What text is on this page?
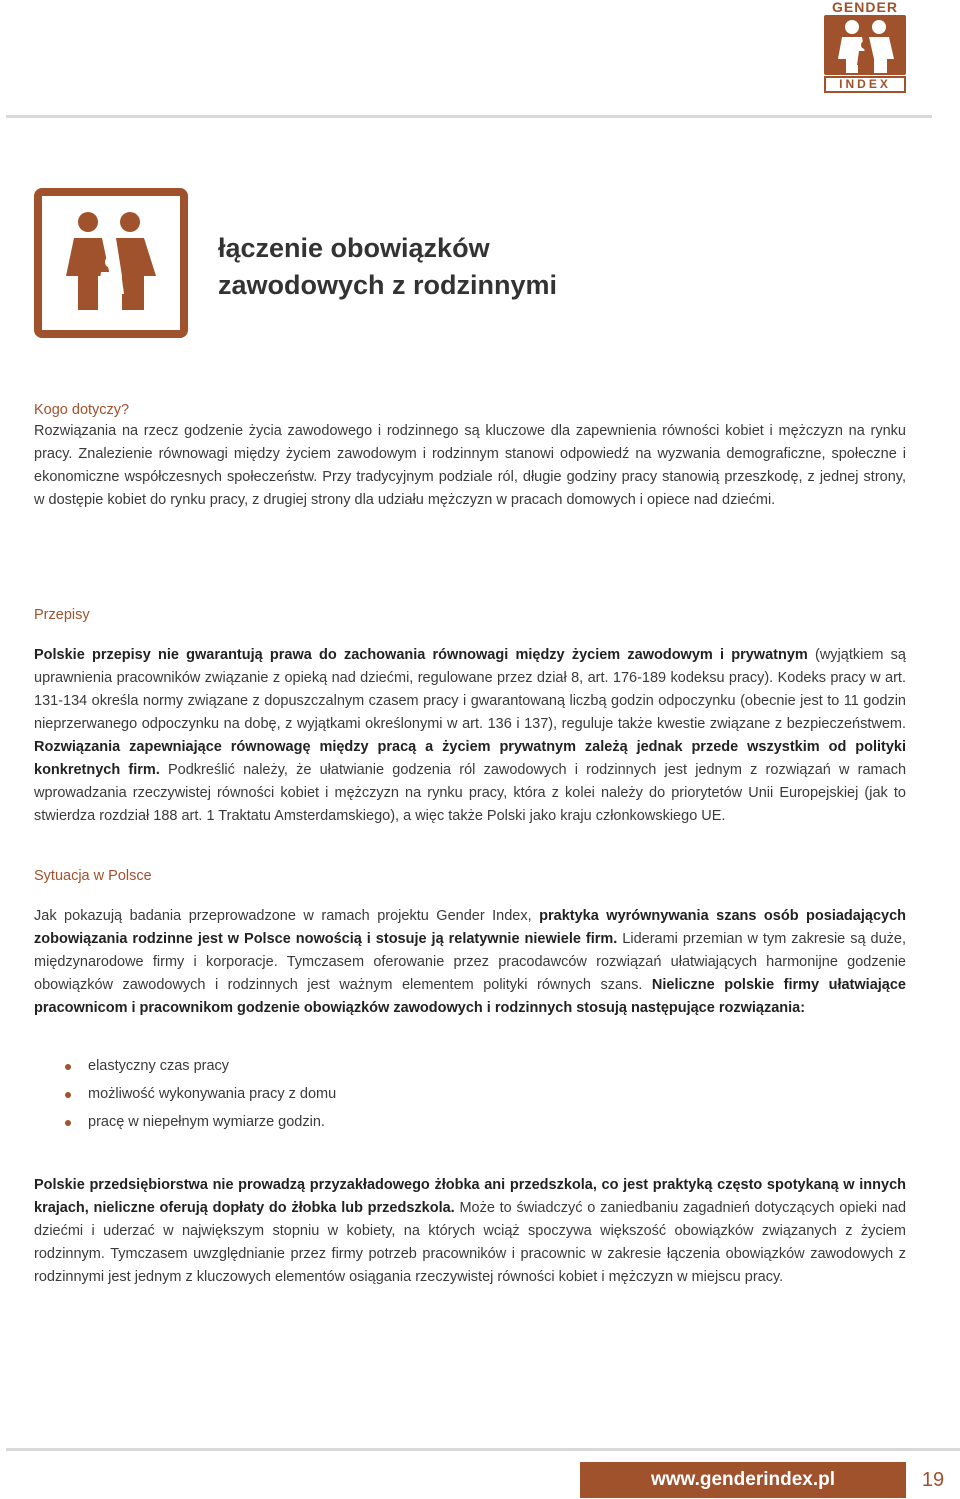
GENDER
INDEX
łączenie obowiązków
zawodowych z rodzinnymi
Kogo dotyczy?

Rozwiązania na rzecz godzenie życia zawodowego i rodzinnego są kluczowe dla zapewnienia równości kobiet i mężczyzn na rynku pracy. Znalezienie równowagi między życiem zawodowym i rodzinnym stanowi odpowiedź na wyzwania demograficzne, społeczne i ekonomiczne współczesnych społeczeństw. Przy tradycyjnym podziale ról, długie godziny pracy stanowią przeszkodę, z jednej strony, w dostępie kobiet do rynku pracy, z drugiej strony dla udziału mężczyzn w pracach domowych i opiece nad dziećmi.

Przepisy

Polskie przepisy nie gwarantują prawa do zachowania równowagi między życiem zawodowym i prywatnym (wyjątkiem są uprawnienia pracowników związanie z opieką nad dziećmi, regulowane przez dział 8, art. 176-189 kodeksu pracy). Kodeks pracy w art. 131-134 określa normy związane z dopuszczalnym czasem pracy i gwarantowaną liczbą godzin odpoczynku (obecnie jest to 11 godzin nieprzerwanego odpoczynku na dobę, z wyjątkami określonymi w art. 136 i 137), reguluje także kwestie związane z bezpieczeństwem. Rozwiązania zapewniające równowagę między pracą a życiem prywatnym zależą jednak przede wszystkim od polityki konkretnych firm. Podkreślić należy, że ułatwianie godzenia ról zawodowych i rodzinnych jest jednym z rozwiązań w ramach wprowadzania rzeczywistej równości kobiet i mężczyzn na rynku pracy, która z kolei należy do priorytetów Unii Europejskiej (jak to stwierdza rozdział 188 art. 1 Traktatu Amsterdamskiego), a więc także Polski jako kraju członkowskiego UE.

Sytuacja w Polsce

Jak pokazują badania przeprowadzone w ramach projektu Gender Index, praktyka wyrównywania szans osób posiadających zobowiązania rodzinne jest w Polsce nowością i stosuje ją relatywnie niewiele firm. Liderami przemian w tym zakresie są duże, międzynarodowe firmy i korporacje. Tymczasem oferowanie przez pracodawców rozwiązań ułatwiających harmonijne godzenie obowiązków zawodowych i rodzinnych jest ważnym elementem polityki równych szans. Nieliczne polskie firmy ułatwiające pracownicom i pracownikom godzenie obowiązków zawodowych i rodzinnych stosują następujące rozwiązania:

elastyczny czas pracy
możliwość wykonywania pracy z domu
pracę w niepełnym wymiarze godzin.

Polskie przedsiębiorstwa nie prowadzą przyzakładowego żłobka ani przedszkola, co jest praktyką często spotykaną w innych krajach, nieliczne oferują dopłaty do żłobka lub przedszkola. Może to świadczyć o zaniedbaniu zagadnień dotyczących opieki nad dziećmi i uderzać w największym stopniu w kobiety, na których wciąż spoczywa większość obowiązków związanych z życiem rodzinnym. Tymczasem uwzględnianie przez firmy potrzeb pracowników i pracownic w zakresie łączenia obowiązków zawodowych z rodzinnymi jest jednym z kluczowych elementów osiągania rzeczywistej równości kobiet i mężczyzn w miejscu pracy.

www.genderindex.pl	19
